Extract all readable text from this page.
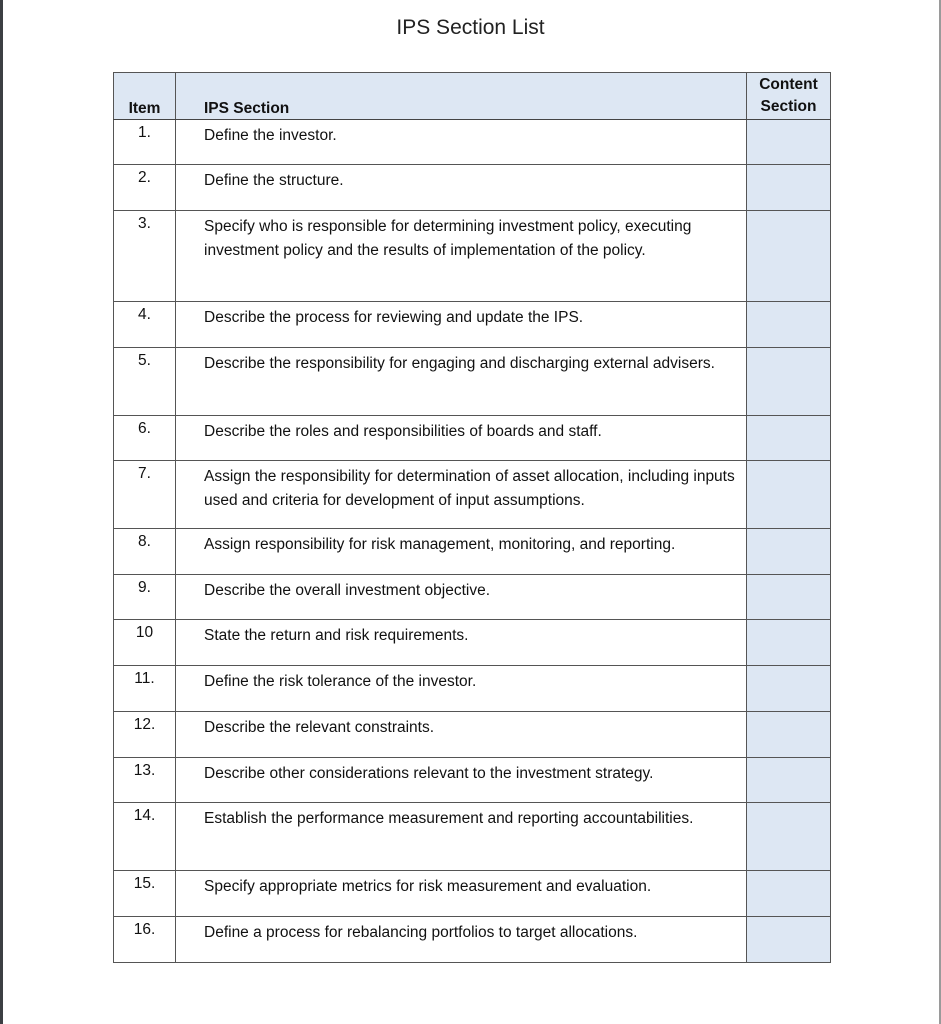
IPS Section List
Item	IPS Section	Content Section
1.	Define the investor.	
2.	Define the structure.	
3.	Specify who is responsible for determining investment policy, executing investment policy and the results of implementation of the policy.	
4.	Describe the process for reviewing and update the IPS.	
5.	Describe the responsibility for engaging and discharging external advisers.	
6.	Describe the roles and responsibilities of boards and staff.	
7.	Assign the responsibility for determination of asset allocation, including inputs used and criteria for development of input assumptions.	
8.	Assign responsibility for risk management, monitoring, and reporting.	
9.	Describe the overall investment objective.	
10	State the return and risk requirements.	
11.	Define the risk tolerance of the investor.	
12.	Describe the relevant constraints.	
13.	Describe other considerations relevant to the investment strategy.	
14.	Establish the performance measurement and reporting accountabilities.	
15.	Specify appropriate metrics for risk measurement and evaluation.	
16.	Define a process for rebalancing portfolios to target allocations.	
